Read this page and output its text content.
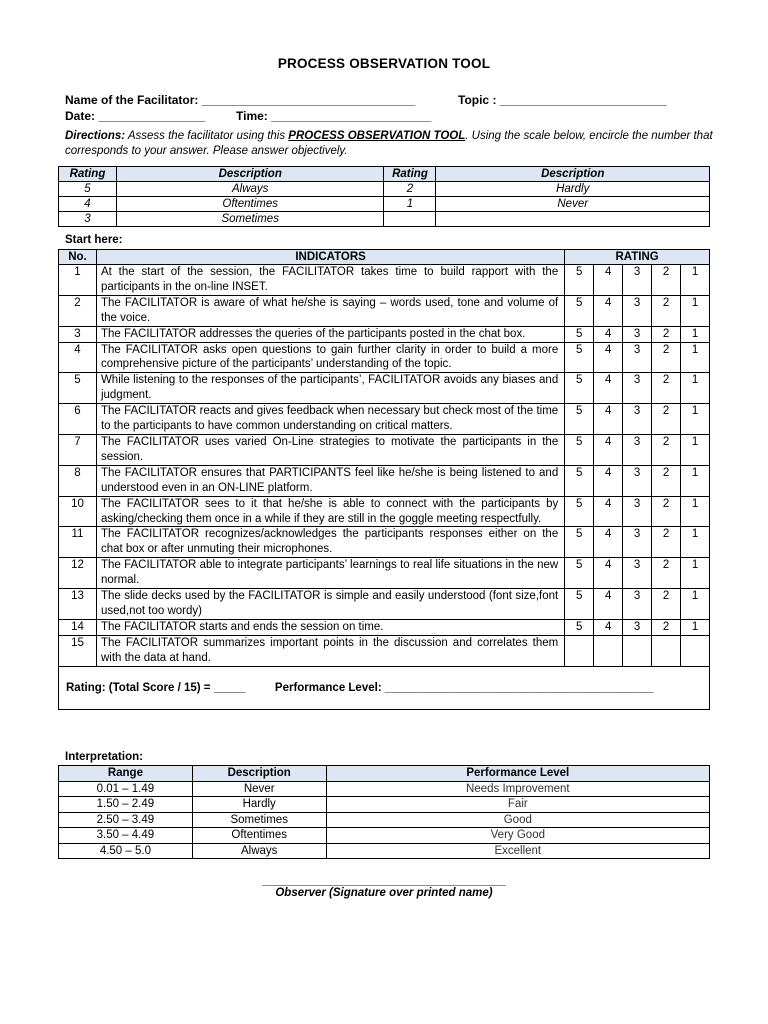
PROCESS OBSERVATION TOOL
Name of the Facilitator: ________________________________	Topic : _________________________
Date: ________________	Time: ________________________
Directions: Assess the facilitator using this PROCESS OBSERVATION TOOL. Using the scale below, encircle the number that corresponds to your answer. Please answer objectively.
Rating	Description	Rating	Description
5	Always	2	Hardly
4	Oftentimes	1	Never
3	Sometimes		
Start here:
No.	INDICATORS	RATING				
1	At the start of the session, the FACILITATOR takes time to build rapport with the participants in the on-line INSET.	5	4	3	2	1
2	The FACILITATOR is aware of what he/she is saying – words used, tone and volume of the voice.	5	4	3	2	1
3	The FACILITATOR addresses the queries of the participants posted in the chat box.	5	4	3	2	1
4	The FACILITATOR asks open questions to gain further clarity in order to build a more comprehensive picture of the participants’ understanding of the topic.	5	4	3	2	1
5	While listening to the responses of the participants’, FACILITATOR avoids any biases and judgment.	5	4	3	2	1
6	The FACILITATOR reacts and gives feedback when necessary but check most of the time to the participants to have common understanding on critical matters.	5	4	3	2	1
7	The FACILITATOR uses varied On-Line strategies to motivate the participants in the session.	5	4	3	2	1
8	The FACILITATOR ensures that PARTICIPANTS feel like he/she is being listened to and understood even in an ON-LINE platform.	5	4	3	2	1
10	The FACILITATOR sees to it that he/she is able to connect with the participants by asking/checking them once in a while if they are still in the goggle meeting respectfully.	5	4	3	2	1
11	The FACILITATOR recognizes/acknowledges the participants responses either on the chat box or after unmuting their microphones.	5	4	3	2	1
12	The FACILITATOR able to integrate participants’ learnings to real life situations in the new normal.	5	4	3	2	1
13	The slide decks used by the FACILITATOR is simple and easily understood (font size,font used,not too wordy)	5	4	3	2	1
14	The FACILITATOR starts and ends the session on time.	5	4	3	2	1
15	The FACILITATOR summarizes important points in the discussion and correlates them with the data at hand.					
Rating: (Total Score / 15) = _____ Performance Level: __________________________________________						
Interpretation:
Range	Description	Performance Level
0.01 – 1.49	Never	Needs Improvement
1.50 – 2.49	Hardly	Fair
2.50 – 3.49	Sometimes	Good
3.50 – 4.49	Oftentimes	Very Good
4.50 – 5.0	Always	Excellent
______________________________________
Observer (Signature over printed name)
